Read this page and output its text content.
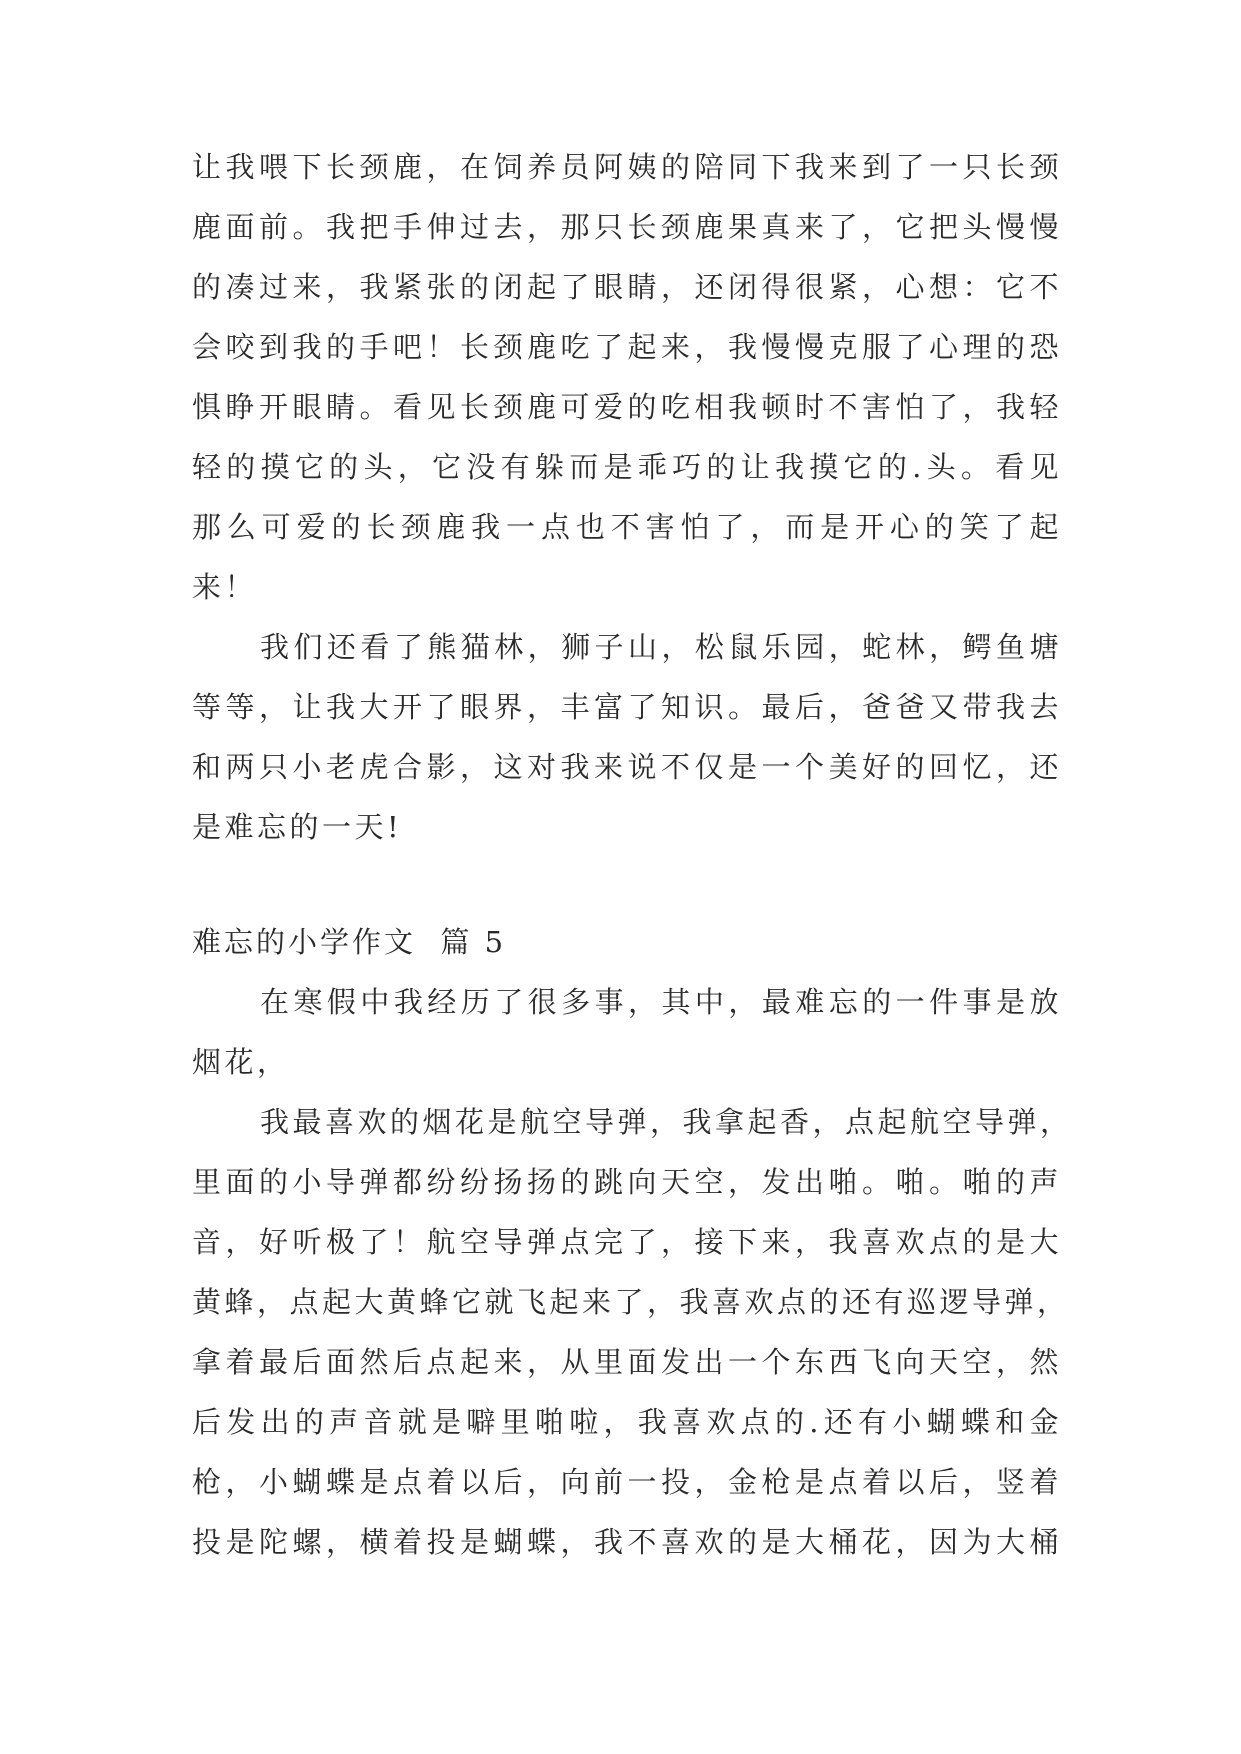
让我喂下长颈鹿，在饲养员阿姨的陪同下我来到了一只长颈
鹿面前。我把手伸过去，那只长颈鹿果真来了，它把头慢慢
的凑过来，我紧张的闭起了眼睛，还闭得很紧，心想：它不
会咬到我的手吧！长颈鹿吃了起来，我慢慢克服了心理的恐
惧睁开眼睛。看见长颈鹿可爱的吃相我顿时不害怕了，我轻
轻的摸它的头，它没有躲而是乖巧的让我摸它的.头。看见
那么可爱的长颈鹿我一点也不害怕了，而是开心的笑了起
来！
我们还看了熊猫林，狮子山，松鼠乐园，蛇林，鳄鱼塘
等等，让我大开了眼界，丰富了知识。最后，爸爸又带我去
和两只小老虎合影，这对我来说不仅是一个美好的回忆，还
是难忘的一天!
难忘的小学作文  篇 5
在寒假中我经历了很多事，其中，最难忘的一件事是放
烟花，
我最喜欢的烟花是航空导弹，我拿起香，点起航空导弹，
里面的小导弹都纷纷扬扬的跳向天空，发出啪。啪。啪的声
音，好听极了！航空导弹点完了，接下来，我喜欢点的是大
黄蜂，点起大黄蜂它就飞起来了，我喜欢点的还有巡逻导弹，
拿着最后面然后点起来，从里面发出一个东西飞向天空，然
后发出的声音就是噼里啪啦，我喜欢点的.还有小蝴蝶和金
枪，小蝴蝶是点着以后，向前一投，金枪是点着以后，竖着
投是陀螺，横着投是蝴蝶，我不喜欢的是大桶花，因为大桶
